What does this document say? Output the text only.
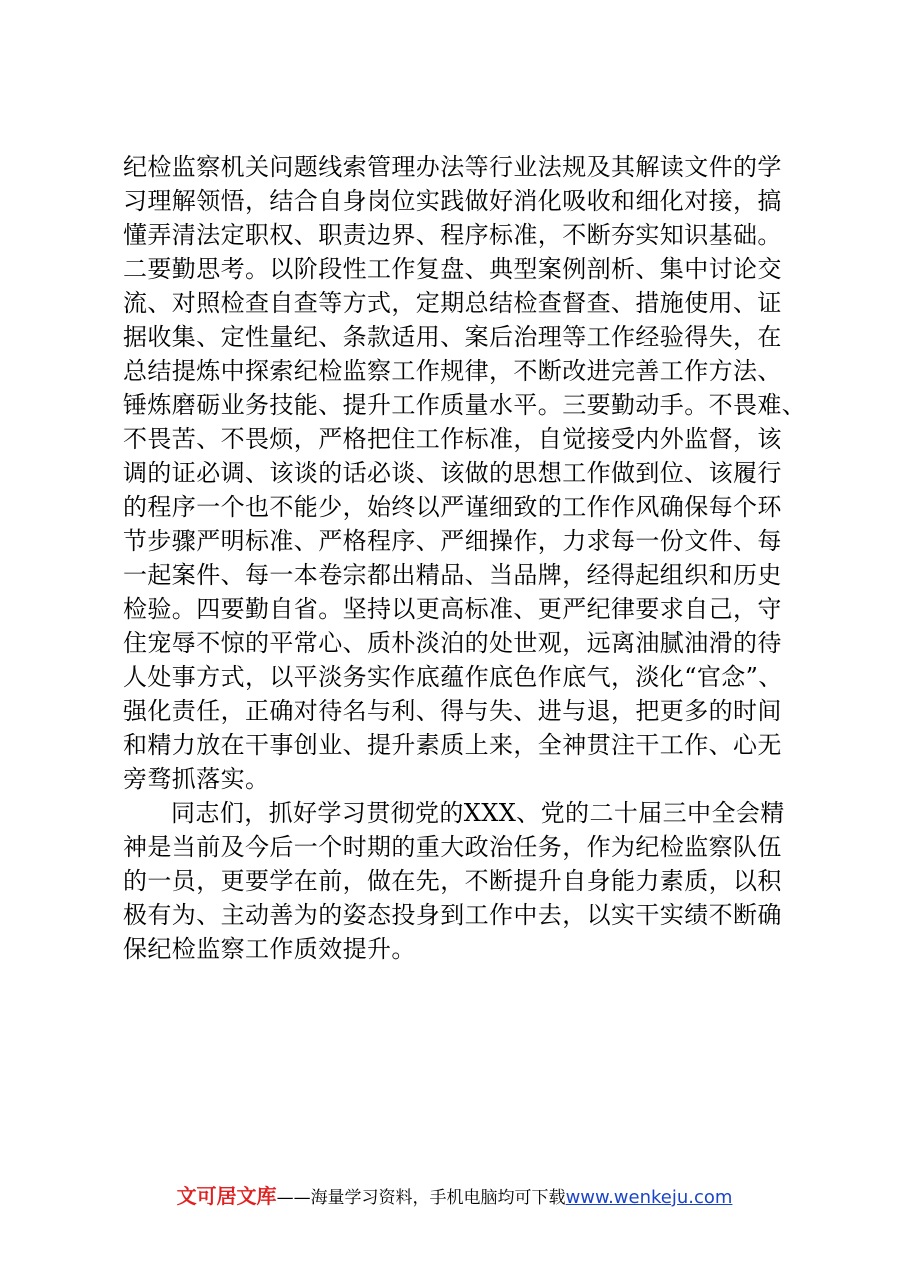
纪检监察机关问题线索管理办法等行业法规及其解读文件的学
习理解领悟，结合自身岗位实践做好消化吸收和细化对接，搞
懂弄清法定职权、职责边界、程序标准，不断夯实知识基础。
二要勤思考。以阶段性工作复盘、典型案例剖析、集中讨论交
流、对照检查自查等方式，定期总结检查督查、措施使用、证
据收集、定性量纪、条款适用、案后治理等工作经验得失，在
总结提炼中探索纪检监察工作规律，不断改进完善工作方法、
锤炼磨砺业务技能、提升工作质量水平。三要勤动手。不畏难、
不畏苦、不畏烦，严格把住工作标准，自觉接受内外监督，该
调的证必调、该谈的话必谈、该做的思想工作做到位、该履行
的程序一个也不能少，始终以严谨细致的工作作风确保每个环
节步骤严明标准、严格程序、严细操作，力求每一份文件、每
一起案件、每一本卷宗都出精品、当品牌，经得起组织和历史
检验。四要勤自省。坚持以更高标准、更严纪律要求自己，守
住宠辱不惊的平常心、质朴淡泊的处世观，远离油腻油滑的待
人处事方式，以平淡务实作底蕴作底色作底气，淡化“官念”、
强化责任，正确对待名与利、得与失、进与退，把更多的时间
和精力放在干事创业、提升素质上来，全神贯注干工作、心无
旁骛抓落实。
同志们，抓好学习贯彻党的XXX、党的二十届三中全会精
神是当前及今后一个时期的重大政治任务，作为纪检监察队伍
的一员，更要学在前，做在先，不断提升自身能力素质，以积
极有为、主动善为的姿态投身到工作中去，以实干实绩不断确
保纪检监察工作质效提升。
文可居文库——海量学习资料，手机电脑均可下载www.wenkeju.com
